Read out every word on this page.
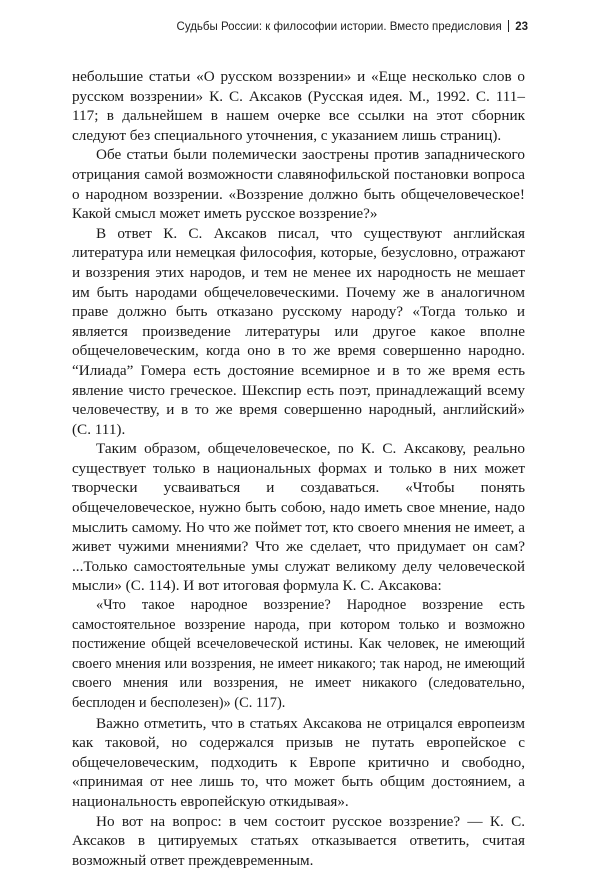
Судьбы России: к философии истории. Вместо предисловия 23

небольшие статьи «О русском воззрении» и «Еще несколько слов о русском воззрении» К. С. Аксаков (Русская идея. М., 1992. С. 111–117; в дальнейшем в нашем очерке все ссылки на этот сборник следуют без специального уточнения, с указанием лишь страниц).

Обе статьи были полемически заострены против западнического отрицания самой возможности славянофильской постановки вопроса о народном воззрении. «Воззрение должно быть общечеловеческое! Какой смысл может иметь русское воззрение?»

В ответ К. С. Аксаков писал, что существуют английская литература или немецкая философия, которые, безусловно, отражают и воззрения этих народов, и тем не менее их народность не мешает им быть народами общечеловеческими. Почему же в аналогичном праве должно быть отказано русскому народу? «Тогда только и является произведение литературы или другое какое вполне общечеловеческим, когда оно в то же время совершенно народно. “Илиада” Гомера есть достояние всемирное и в то же время есть явление чисто греческое. Шекспир есть поэт, принадлежащий всему человечеству, и в то же время совершенно народный, английский» (С. 111).

Таким образом, общечеловеческое, по К. С. Аксакову, реально существует только в национальных формах и только в них может творчески усваиваться и создаваться. «Чтобы понять общечеловеческое, нужно быть собою, надо иметь свое мнение, надо мыслить самому. Но что же поймет тот, кто своего мнения не имеет, а живет чужими мнениями? Что же сделает, что придумает он сам? ...Только самостоятельные умы служат великому делу человеческой мысли» (С. 114). И вот итоговая формула К. С. Аксакова:

«Что такое народное воззрение? Народное воззрение есть самостоятельное воззрение народа, при котором только и возможно постижение общей всечеловеческой истины. Как человек, не имеющий своего мнения или воззрения, не имеет никакого; так народ, не имеющий своего мнения или воззрения, не имеет никакого (следовательно, бесплоден и бесполезен)» (С. 117).

Важно отметить, что в статьях Аксакова не отрицался европеизм как таковой, но содержался призыв не путать европейское с общечеловеческим, подходить к Европе критично и свободно, «принимая от нее лишь то, что может быть общим достоянием, а национальность европейскую откидывая».

Но вот на вопрос: в чем состоит русское воззрение? — К. С. Аксаков в цитируемых статьях отказывается ответить, считая возможный ответ преждевременным.
